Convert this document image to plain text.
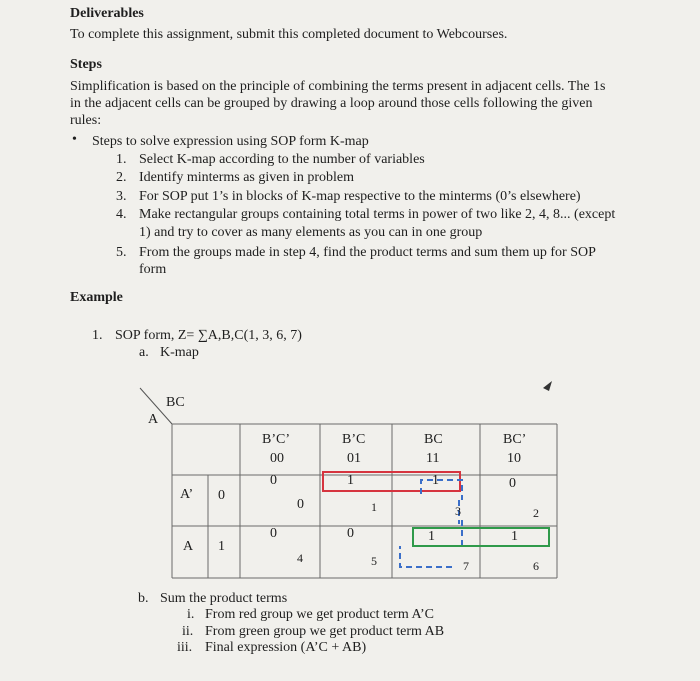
Deliverables
To complete this assignment, submit this completed document to Webcourses.
Steps
Simplification is based on the principle of combining the terms present in adjacent cells. The 1s
in the adjacent cells can be grouped by drawing a loop around those cells following the given
rules:
• Steps to solve expression using SOP form K-map
1. Select K-map according to the number of variables
2. Identify minterms as given in problem
3. For SOP put 1’s in blocks of K-map respective to the minterms (0’s elsewhere)
4. Make rectangular groups containing total terms in power of two like 2, 4, 8... (except
1) and try to cover as many elements as you can in one group
5. From the groups made in step 4, find the product terms and sum them up for SOP
form
Example
1. SOP form, Z= ∑A,B,C(1, 3, 6, 7)
a. K-map
BC
A
B’C’
00
B’C
01
BC
11
BC’
10
A’ 0
A 1
0
0
1
1
1
3
0
2
0
4
0
5
1
7
1
6
b. Sum the product terms
i. From red group we get product term A’C
ii. From green group we get product term AB
iii. Final expression (A’C + AB)
